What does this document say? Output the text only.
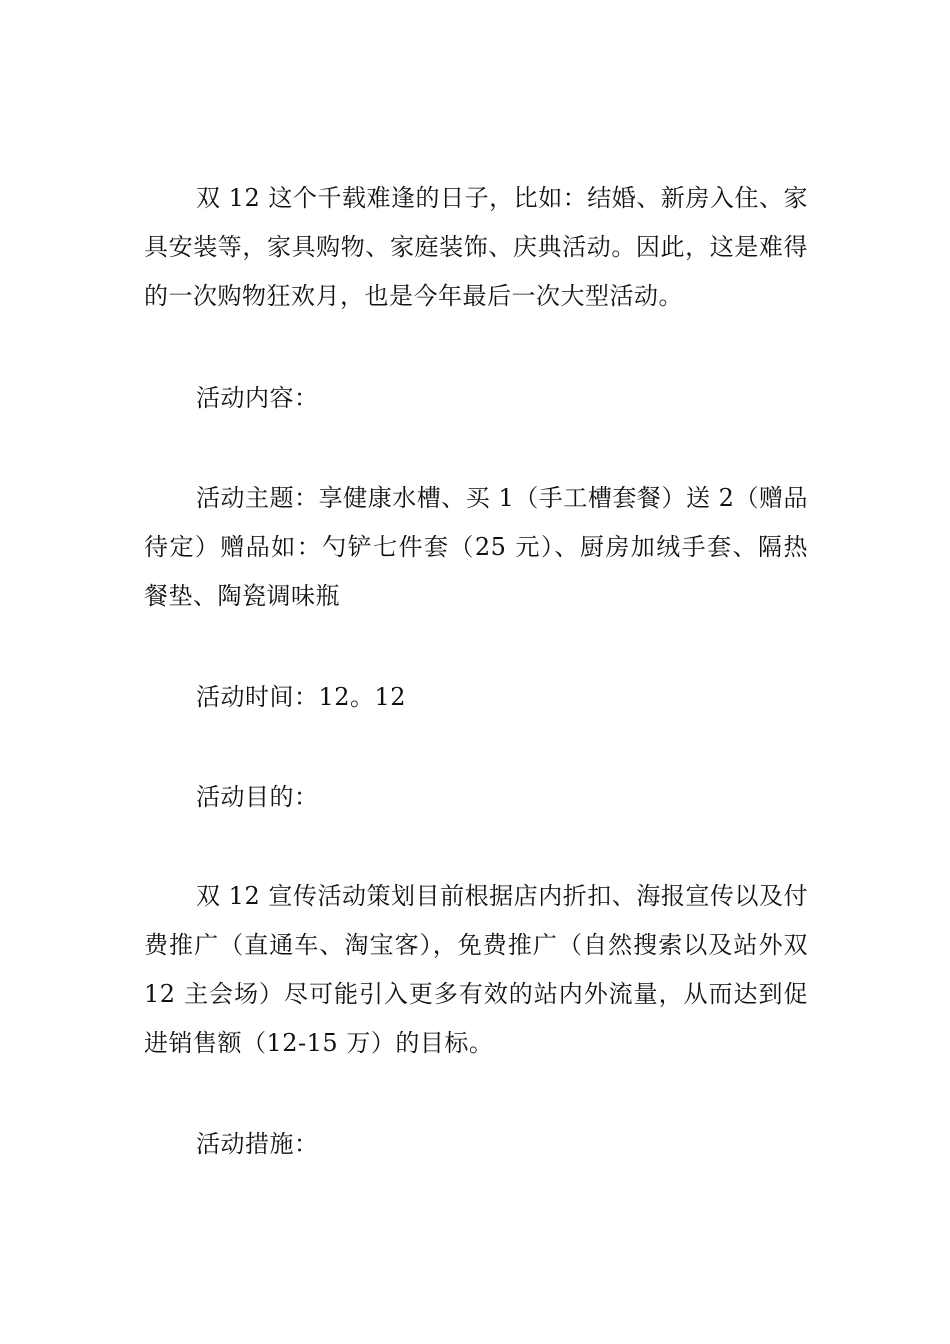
双 12 这个千载难逢的日子，比如：结婚、新房入住、家具安装等，家具购物、家庭装饰、庆典活动。因此，这是难得的一次购物狂欢月，也是今年最后一次大型活动。

活动内容：

活动主题：享健康水槽、买 1（手工槽套餐）送 2（赠品待定）赠品如：勺铲七件套（25 元）、厨房加绒手套、隔热餐垫、陶瓷调味瓶

活动时间：12。12

活动目的：

双 12 宣传活动策划目前根据店内折扣、海报宣传以及付费推广（直通车、淘宝客），免费推广（自然搜索以及站外双 12 主会场）尽可能引入更多有效的站内外流量，从而达到促进销售额（12-15 万）的目标。

活动措施：
